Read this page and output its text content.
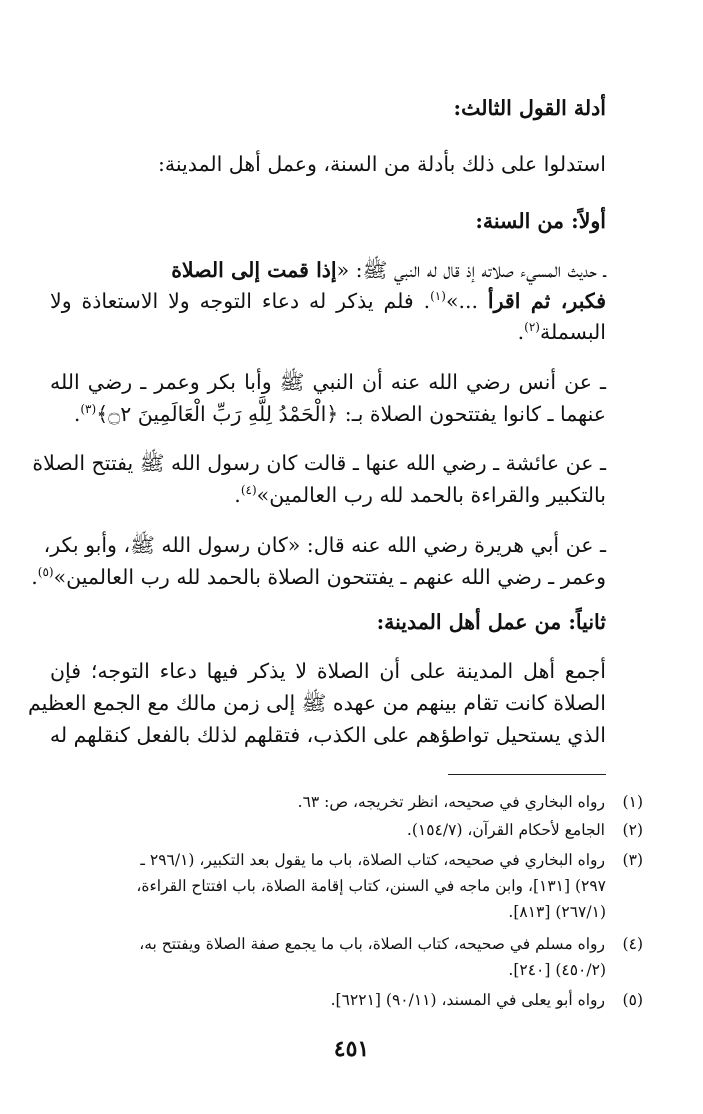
أدلة القول الثالث:
استدلوا على ذلك بأدلة من السنة، وعمل أهل المدينة:
أولاً: من السنة:
ـ حديث المسيء صلاته إذ قال له النبي ﷺ: «إذا قمت إلى الصلاة
فكبر، ثم اقرأ ...»$^{(١)}$. فلم يذكر له دعاء التوجه ولا الاستعاذة ولا
البسملة$^{(٢)}$.
ـ عن أنس رضي الله عنه أن النبي ﷺ وأبا بكر وعمر ـ رضي الله
عنهما ـ كانوا يفتتحون الصلاة بـ: ﴿الْحَمْدُ لِلَّهِ رَبِّ الْعَالَمِينَ ۝٢﴾$^{(٣)}$.
ـ عن عائشة ـ رضي الله عنها ـ قالت كان رسول الله ﷺ يفتتح الصلاة
بالتكبير والقراءة بالحمد لله رب العالمين»$^{(٤)}$.
ـ عن أبي هريرة رضي الله عنه قال: «كان رسول الله ﷺ، وأبو بكر،
وعمر ـ رضي الله عنهم ـ يفتتحون الصلاة بالحمد لله رب العالمين»$^{(٥)}$.
ثانياً: من عمل أهل المدينة:
أجمع أهل المدينة على أن الصلاة لا يذكر فيها دعاء التوجه؛ فإن
الصلاة كانت تقام بينهم من عهده ﷺ إلى زمن مالك مع الجمع العظيم
الذي يستحيل تواطؤهم على الكذب، فتقلهم لذلك بالفعل كنقلهم له
(١)رواه البخاري في صحيحه، انظر تخريجه، ص: ٦٣.
(٢)الجامع لأحكام القرآن، (١٥٤/٧).
(٣)رواه البخاري في صحيحه، كتاب الصلاة، باب ما يقول بعد التكبير، (٢٩٦/١ ـ
٢٩٧) [١٣١]، وابن ماجه في السنن، كتاب إقامة الصلاة، باب افتتاح القراءة،
(٢٦٧/١) [٨١٣].
(٤)رواه مسلم في صحيحه، كتاب الصلاة، باب ما يجمع صفة الصلاة ويفتتح به،
(٤٥٠/٢) [٢٤٠].
(٥)رواه أبو يعلى في المسند، (٩٠/١١) [٦٢٢١].
٤٥١
